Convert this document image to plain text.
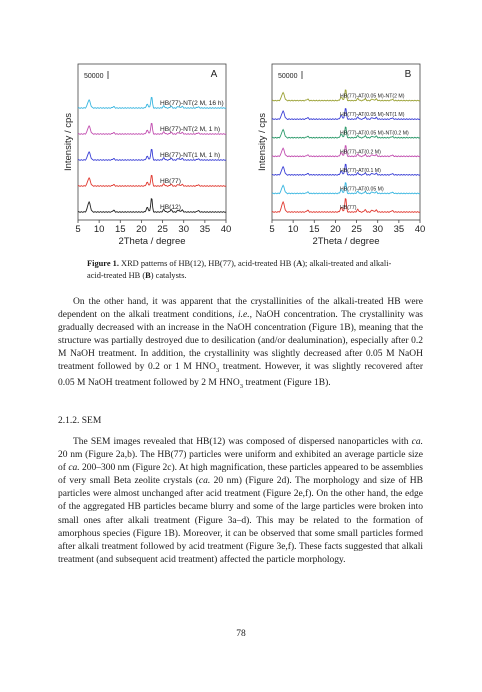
5 10 15 20 25 30 35 40
2Theta / degree
Intensity / cps
50000	A
HB(77)-NT(2 M, 16 h)
HB(77)-NT(2 M, 1 h)
HB(77)-NT(1 M, 1 h)
HB(77)
HB(12)
5 10 15 20 25 30 35 40
2Theta / degree
Intensity / cps
50000	B
HB(77)-AT(0.05 M)-NT(2 M)
HB(77)-AT(0.05 M)-NT(1 M)
HB(77)-AT(0.05 M)-NT(0.2 M)
HB(77)-AT(0.2 M)
HB(77)-AT(0.1 M)
HB(77)-AT(0.05 M)
HB(77)
Figure 1. XRD patterns of HB(12), HB(77), acid-treated HB (A); alkali-treated and alkali-acid-treated HB (B) catalysts.
On the other hand, it was apparent that the crystallinities of the alkali-treated HB were dependent on the alkali treatment conditions, i.e., NaOH concentration. The crystallinity was gradually decreased with an increase in the NaOH concentration (Figure 1B), meaning that the structure was partially destroyed due to desilication (and/or dealumination), especially after 0.2 M NaOH treatment. In addition, the crystallinity was slightly decreased after 0.05 M NaOH treatment followed by 0.2 or 1 M $HNO_3$ treatment. However, it was slightly recovered after 0.05 M NaOH treatment followed by 2 M $HNO_3$ treatment (Figure 1B).
2.1.2. SEM
The SEM images revealed that HB(12) was composed of dispersed nanoparticles with ca. 20 nm (Figure 2a,b). The HB(77) particles were uniform and exhibited an average particle size of ca. 200–300 nm (Figure 2c). At high magnification, these particles appeared to be assemblies of very small Beta zeolite crystals (ca. 20 nm) (Figure 2d). The morphology and size of HB particles were almost unchanged after acid treatment (Figure 2e,f). On the other hand, the edge of the aggregated HB particles became blurry and some of the large particles were broken into small ones after alkali treatment (Figure 3a–d). This may be related to the formation of amorphous species (Figure 1B). Moreover, it can be observed that some small particles formed after alkali treatment followed by acid treatment (Figure 3e,f). These facts suggested that alkali treatment (and subsequent acid treatment) affected the particle morphology.
78
